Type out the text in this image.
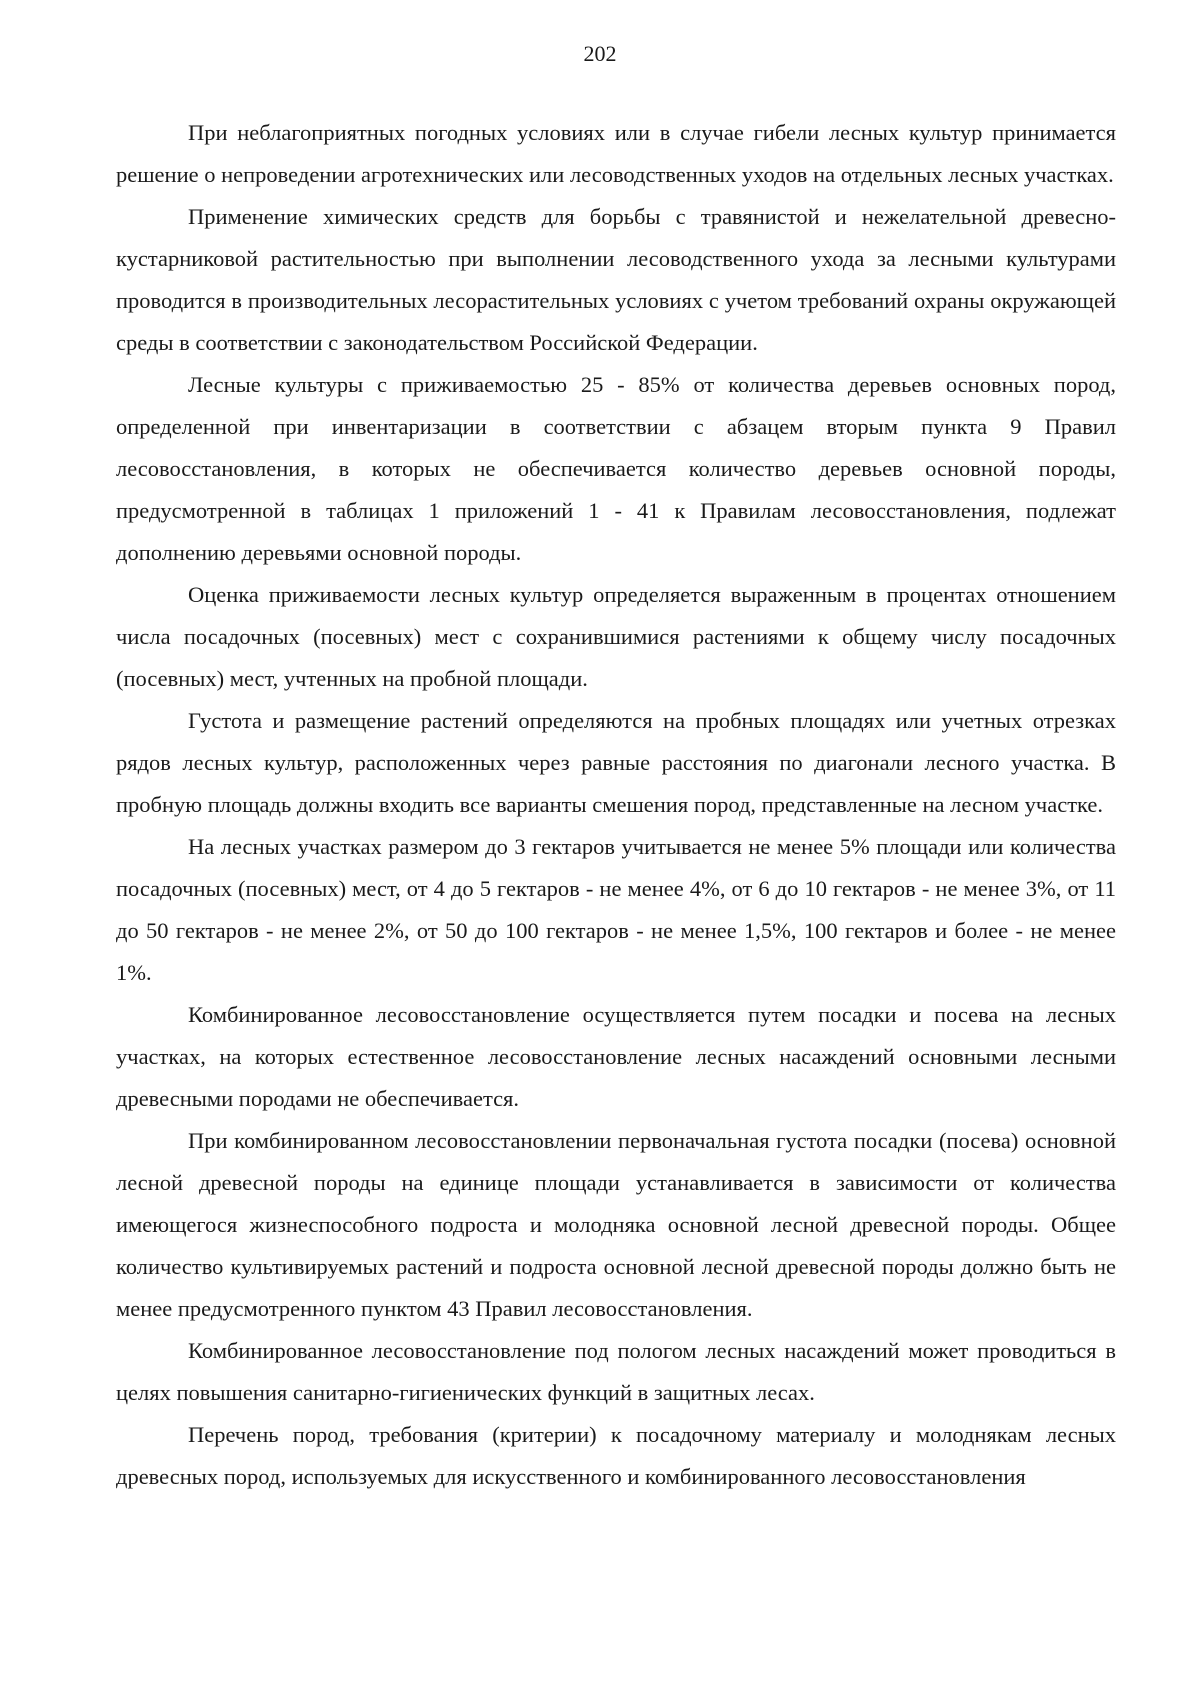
202

При неблагоприятных погодных условиях или в случае гибели лесных культур принимается решение о непроведении агротехнических или лесоводственных уходов на отдельных лесных участках.

Применение химических средств для борьбы с травянистой и нежелательной древесно-кустарниковой растительностью при выполнении лесоводственного ухода за лесными культурами проводится в производительных лесорастительных условиях с учетом требований охраны окружающей среды в соответствии с законодательством Российской Федерации.

Лесные культуры с приживаемостью 25 - 85% от количества деревьев основных пород, определенной при инвентаризации в соответствии с абзацем вторым пункта 9 Правил лесовосстановления, в которых не обеспечивается количество деревьев основной породы, предусмотренной в таблицах 1 приложений 1 - 41 к Правилам лесовосстановления, подлежат дополнению деревьями основной породы.

Оценка приживаемости лесных культур определяется выраженным в процентах отношением числа посадочных (посевных) мест с сохранившимися растениями к общему числу посадочных (посевных) мест, учтенных на пробной площади.

Густота и размещение растений определяются на пробных площадях или учетных отрезках рядов лесных культур, расположенных через равные расстояния по диагонали лесного участка. В пробную площадь должны входить все варианты смешения пород, представленные на лесном участке.

На лесных участках размером до 3 гектаров учитывается не менее 5% площади или количества посадочных (посевных) мест, от 4 до 5 гектаров - не менее 4%, от 6 до 10 гектаров - не менее 3%, от 11 до 50 гектаров - не менее 2%, от 50 до 100 гектаров - не менее 1,5%, 100 гектаров и более - не менее 1%.

Комбинированное лесовосстановление осуществляется путем посадки и посева на лесных участках, на которых естественное лесовосстановление лесных насаждений основными лесными древесными породами не обеспечивается.

При комбинированном лесовосстановлении первоначальная густота посадки (посева) основной лесной древесной породы на единице площади устанавливается в зависимости от количества имеющегося жизнеспособного подроста и молодняка основной лесной древесной породы. Общее количество культивируемых растений и подроста основной лесной древесной породы должно быть не менее предусмотренного пунктом 43 Правил лесовосстановления.

Комбинированное лесовосстановление под пологом лесных насаждений может проводиться в целях повышения санитарно-гигиенических функций в защитных лесах.

Перечень пород, требования (критерии) к посадочному материалу и молоднякам лесных древесных пород, используемых для искусственного и комбинированного лесовосстановления
